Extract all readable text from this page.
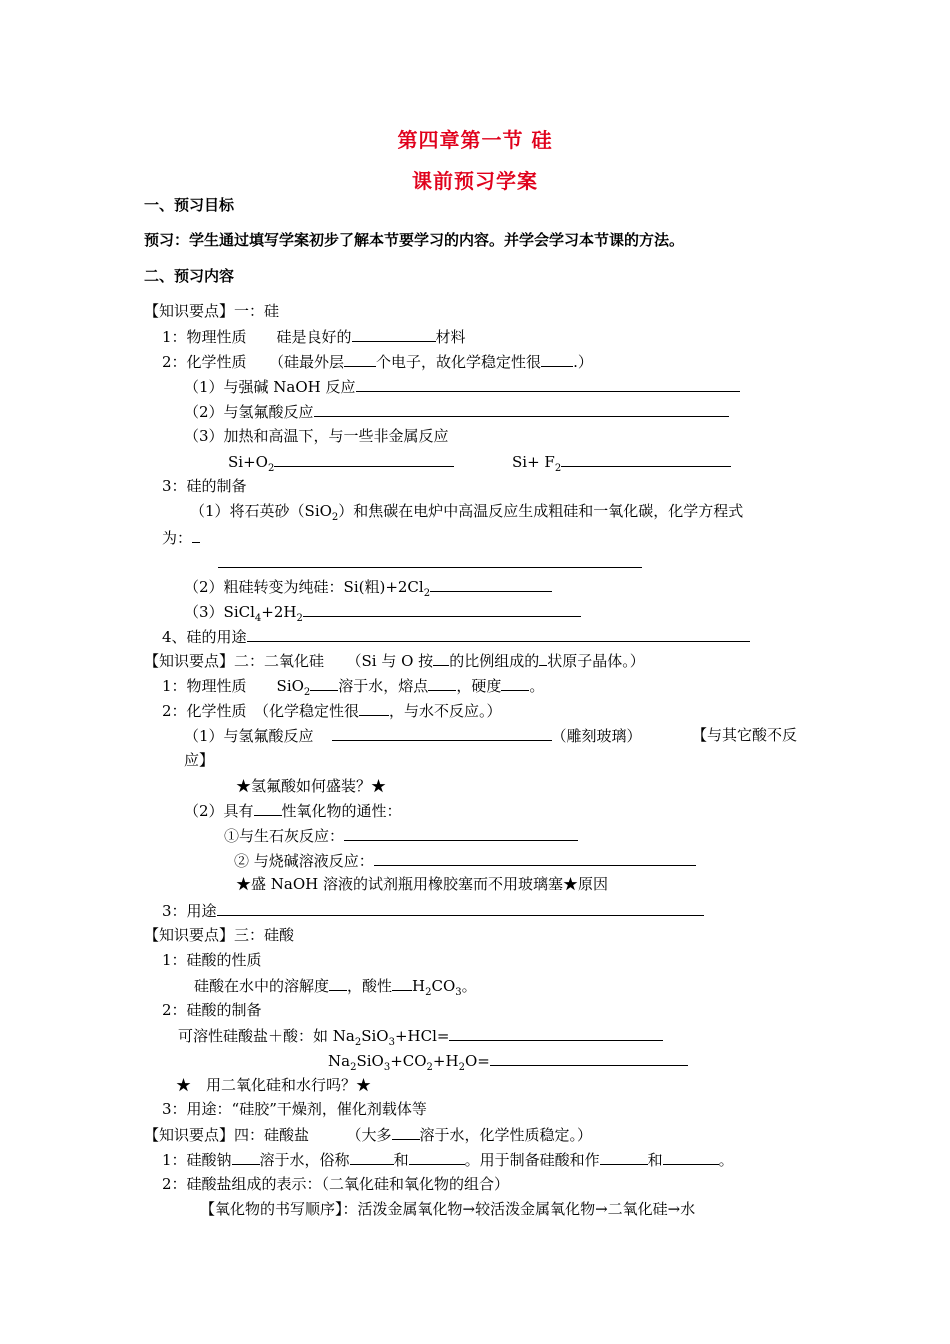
第四章第一节 硅
课前预习学案
一、预习目标
预习：学生通过填写学案初步了解本节要学习的内容。并学会学习本节课的方法。
二、预习内容
【知识要点】一：硅
1：物理性质　　硅是良好的	材料
2：化学性质　　（硅最外层 个电子，故化学稳定性很 .）
（1）与强碱 NaOH 反应
（2）与氢氟酸反应
（3）加热和高温下，与一些非金属反应
$Si+O_2$	$Si+ F_2$
3：硅的制备
（1）将石英砂（SiO$_2$）和焦碳在电炉中高温反应生成粗硅和一氧化碳，化学方程式
为：
（2）粗硅转变为纯硅：Si(粗)$+2Cl_2$
$(3)SiCl_4+2H_2$
4、硅的用途
【知识要点】二：二氧化硅　　（Si 与 O 按 的比例组成的 状原子晶体。）
1：物理性质　　SiO$_2$ 溶于水，熔点 ，硬度 。
2：化学性质　（化学稳定性很 ，与水不反应。）
（1）与氢氟酸反应	（雕刻玻璃）	【与其它酸不反
应】
★氢氟酸如何盛装？★
（2）具有 性氧化物的通性：
①与生石灰反应：
② 与烧碱溶液反应：
★盛 NaOH 溶液的试剂瓶用橡胶塞而不用玻璃塞★原因
3：用途
【知识要点】三：硅酸
1：硅酸的性质
硅酸在水中的溶解度 ，酸性 $H_2CO_3$。
2：硅酸的制备
可溶性硅酸盐＋酸：如 $Na_2SiO_3+HCl=$
$Na_2SiO_3+CO_2+H_2O=$
★　用二氧化硅和水行吗？★
3：用途：“硅胶”干燥剂，催化剂载体等
【知识要点】四：硅酸盐　　　（大多 溶于水，化学性质稳定。）
1：硅酸钠 溶于水，俗称	和	。用于制备硅酸和作	和	。
2：硅酸盐组成的表示：（二氧化硅和氧化物的组合）
【氧化物的书写顺序】：活泼金属氧化物→较活泼金属氧化物→二氧化硅→水
